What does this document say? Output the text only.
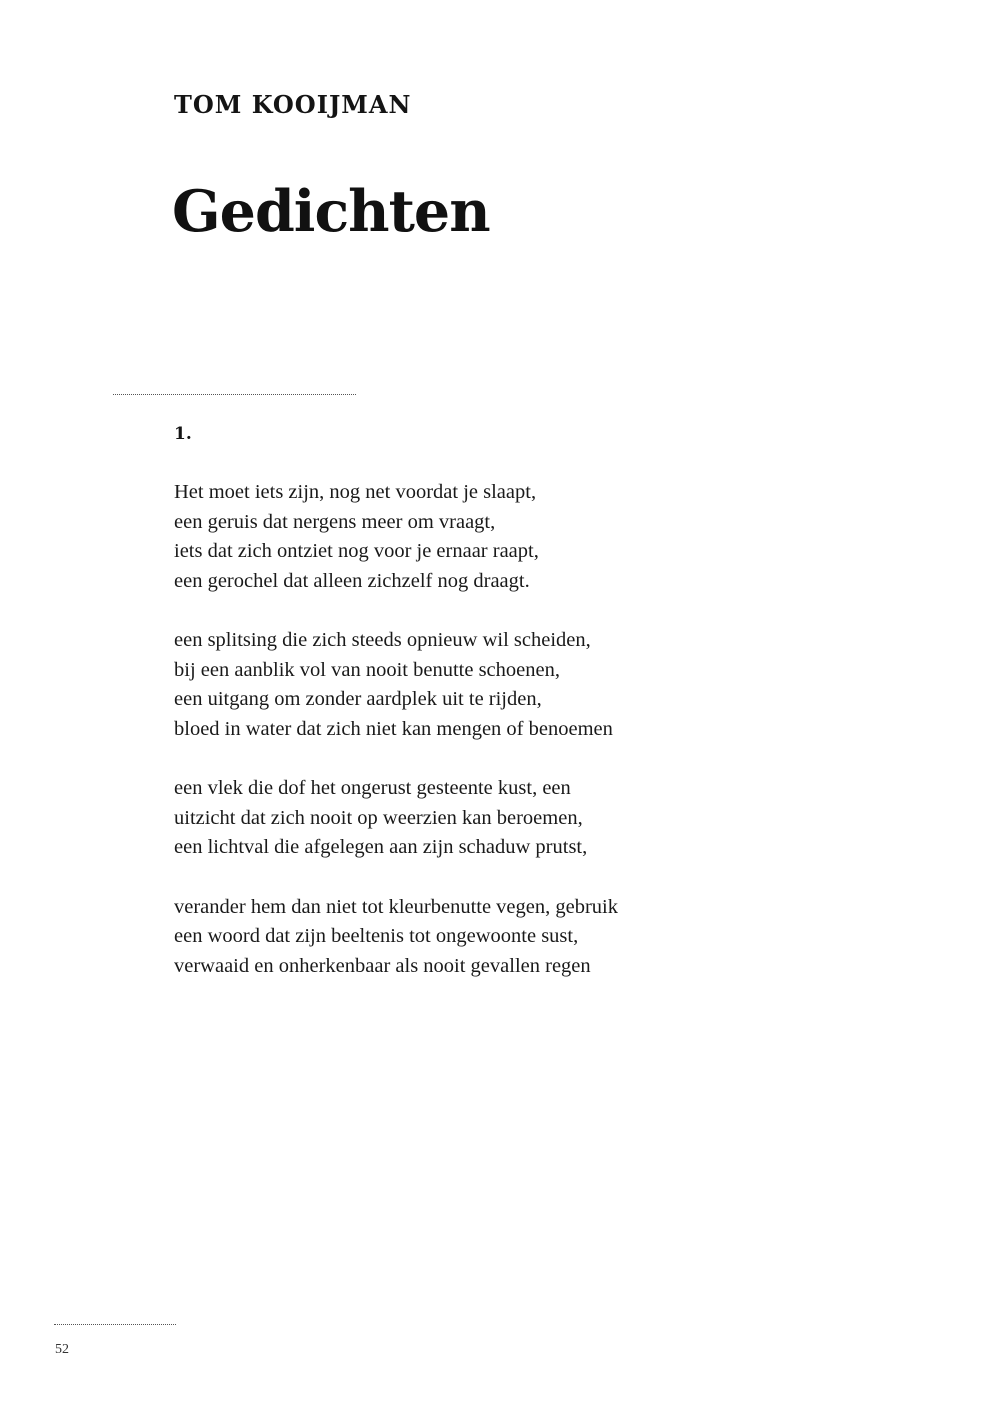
TOM KOOIJMAN
Gedichten

1.

Het moet iets zijn, nog net voordat je slaapt,
een geruis dat nergens meer om vraagt,
iets dat zich ontziet nog voor je ernaar raapt,
een gerochel dat alleen zichzelf nog draagt.
een splitsing die zich steeds opnieuw wil scheiden,
bij een aanblik vol van nooit benutte schoenen,
een uitgang om zonder aardplek uit te rijden,
bloed in water dat zich niet kan mengen of benoemen
een vlek die dof het ongerust gesteente kust, een
uitzicht dat zich nooit op weerzien kan beroemen,
een lichtval die afgelegen aan zijn schaduw prutst,
verander hem dan niet tot kleurbenutte vegen, gebruik
een woord dat zijn beeltenis tot ongewoonte sust,
verwaaid en onherkenbaar als nooit gevallen regen

52
